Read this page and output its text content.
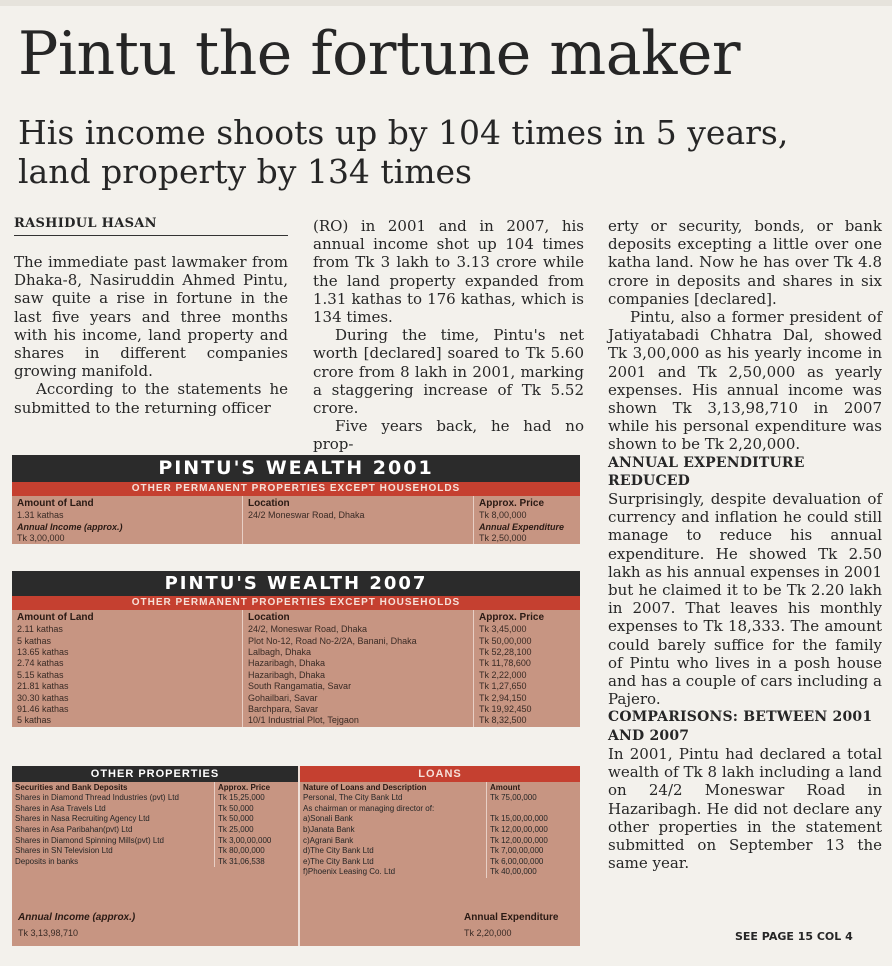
Pintu the fortune maker
His income shoots up by 104 times in 5 years, land property by 134 times
RASHIDUL HASAN

The immediate past lawmaker from Dhaka-8, Nasiruddin Ahmed Pintu, saw quite a rise in fortune in the last five years and three months with his income, land property and shares in different companies growing manifold.

According to the statements he submitted to the returning officer

(RO) in 2001 and in 2007, his annual income shot up 104 times from Tk 3 lakh to 3.13 crore while the land property expanded from 1.31 kathas to 176 kathas, which is 134 times.

During the time, Pintu's net worth [declared] soared to Tk 5.60 crore from 8 lakh in 2001, marking a staggering increase of Tk 5.52 crore.

Five years back, he had no prop-

erty or security, bonds, or bank deposits excepting a little over one katha land. Now he has over Tk 4.8 crore in deposits and shares in six companies [declared].

Pintu, also a former president of Jatiyatabadi Chhatra Dal, showed Tk 3,00,000 as his yearly income in 2001 and Tk 2,50,000 as yearly expenses. His annual income was shown Tk 3,13,98,710 in 2007 while his personal expenditure was shown to be Tk 2,20,000.

ANNUAL EXPENDITURE REDUCED

Surprisingly, despite devaluation of currency and inflation he could still manage to reduce his annual expenditure. He showed Tk 2.50 lakh as his annual expenses in 2001 but he claimed it to be Tk 2.20 lakh in 2007. That leaves his monthly expenses to Tk 18,333. The amount could barely suffice for the family of Pintu who lives in a posh house and has a couple of cars including a Pajero.

COMPARISONS: BETWEEN 2001 AND 2007

In 2001, Pintu had declared a total wealth of Tk 8 lakh including a land on 24/2 Moneswar Road in Hazaribagh. He did not declare any other properties in the statement submitted on September 13 the same year.

PINTU'S WEALTH 2001
OTHER PERMANENT PROPERTIES EXCEPT HOUSEHOLDS
Amount of Land	Location	Approx. Price
1.31 kathas	24/2 Moneswar Road, Dhaka	Tk 8,00,000
Annual Income (approx.)		Annual Expenditure
Tk 3,00,000		Tk 2,50,000
PINTU'S WEALTH 2007
OTHER PERMANENT PROPERTIES EXCEPT HOUSEHOLDS
Amount of Land	Location	Approx. Price
2.11 kathas	24/2, Moneswar Road, Dhaka	Tk 3,45,000
5 kathas	Plot No-12, Road No-2/2A, Banani, Dhaka	Tk 50,00,000
13.65 kathas	Lalbagh, Dhaka	Tk 52,28,100
2.74 kathas	Hazaribagh, Dhaka	Tk 11,78,600
5.15 kathas	Hazaribagh, Dhaka	Tk 2,22,000
21.81 kathas	South Rangamatia, Savar	Tk 1,27,650
30.30 kathas	Gohailbari, Savar	Tk 2,94,150
91.46 kathas	Barchpara, Savar	Tk 19,92,450
5 kathas	10/1 Industrial Plot, Tejgaon	Tk 8,32,500
OTHER PROPERTIES
Securities and Bank Deposits	Approx. Price
Shares in Diamond Thread Industries (pvt) Ltd	Tk 15,25,000
Shares in Asa Travels Ltd	Tk 50,000
Shares in Nasa Recruiting Agency Ltd	Tk 50,000
Shares in Asa Paribahan(pvt) Ltd	Tk 25,000
Shares in Diamond Spinning Mills(pvt) Ltd	Tk 3,00,00,000
Shares in SN Television Ltd	Tk 80,00,000
Deposits in banks	Tk 31,06,538
Annual Income (approx.)
Tk 3,13,98,710
LOANS
Nature of Loans and Description	Amount
Personal, The City Bank Ltd	Tk 75,00,000
As chairman or managing director of:	
a)Sonali Bank	Tk 15,00,00,000
b)Janata Bank	Tk 12,00,00,000
c)Agrani Bank	Tk 12,00,00,000
d)The City Bank Ltd	Tk 7,00,00,000
e)The City Bank Ltd	Tk 6,00,00,000
f)Phoenix Leasing Co. Ltd	Tk 40,00,000
Annual Expenditure
Tk 2,20,000	SEE PAGE 15 COL 4
